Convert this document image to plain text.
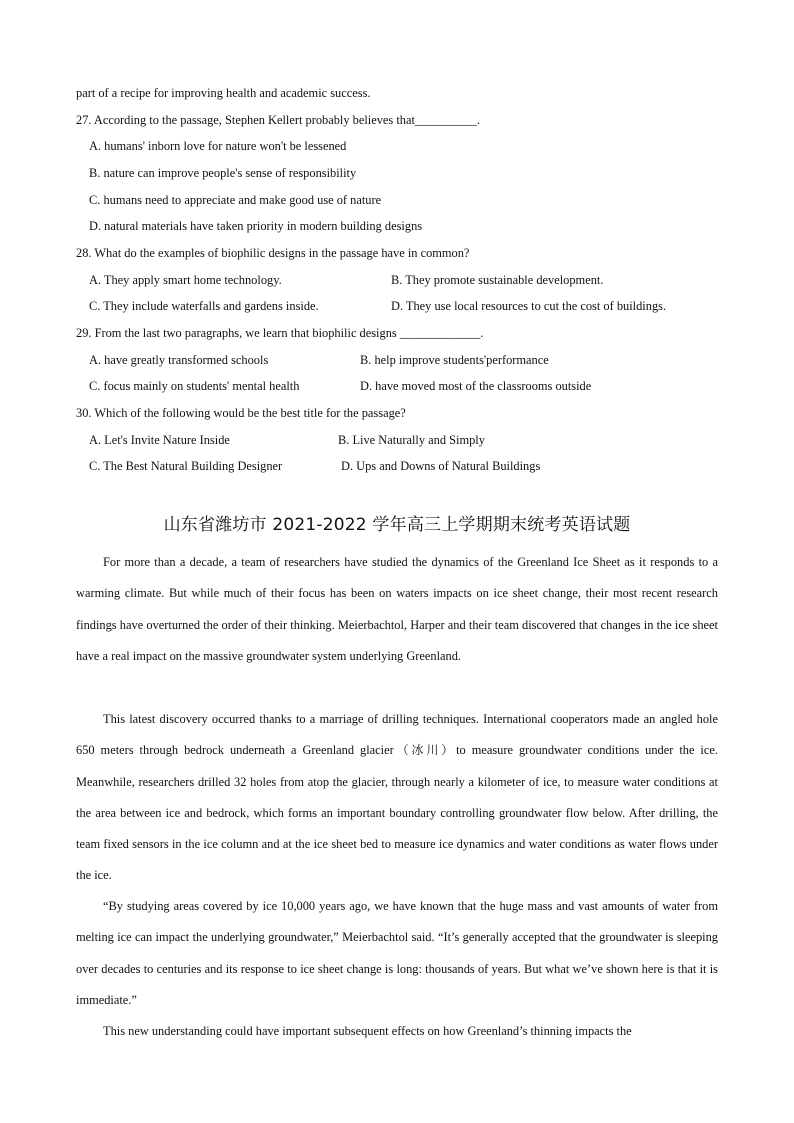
part of a recipe for improving health and academic success.
27. According to the passage, Stephen Kellert probably believes that__________.
A. humans' inborn love for nature won't be lessened
B. nature can improve people's sense of responsibility
C. humans need to appreciate and make good use of nature
D. natural materials have taken priority in modern building designs
28. What do the examples of biophilic designs in the passage have in common?
A. They apply smart home technology.	B. They promote sustainable development.
C. They include waterfalls and gardens inside.	D. They use local resources to cut the cost of buildings.
29. From the last two paragraphs, we learn that biophilic designs _____________.
A. have greatly transformed schools	B. help improve students'performance
C. focus mainly on students' mental health	D. have moved most of the classrooms outside
30. Which of the following would be the best title for the passage?
A. Let's Invite Nature Inside	B. Live Naturally and Simply
C. The Best Natural Building Designer	D. Ups and Downs of Natural Buildings
山东省潍坊市 2021-2022 学年高三上学期期末统考英语试题

For more than a decade, a team of researchers have studied the dynamics of the Greenland Ice Sheet as it responds to a warming climate. But while much of their focus has been on waters impacts on ice sheet change, their most recent research findings have overturned the order of their thinking. Meierbachtol, Harper and their team discovered that changes in the ice sheet have a real impact on the massive groundwater system underlying Greenland.

This latest discovery occurred thanks to a marriage of drilling techniques. International cooperators made an angled hole 650 meters through bedrock underneath a Greenland glacier（冰川）to measure groundwater conditions under the ice. Meanwhile, researchers drilled 32 holes from atop the glacier, through nearly a kilometer of ice, to measure water conditions at the area between ice and bedrock, which forms an important boundary controlling groundwater flow below. After drilling, the team fixed sensors in the ice column and at the ice sheet bed to measure ice dynamics and water conditions as water flows under the ice.

“By studying areas covered by ice 10,000 years ago, we have known that the huge mass and vast amounts of water from melting ice can impact the underlying groundwater,” Meierbachtol said. “It’s generally accepted that the groundwater is sleeping over decades to centuries and its response to ice sheet change is long: thousands of years. But what we’ve shown here is that it is immediate.”

This new understanding could have important subsequent effects on how Greenland’s thinning impacts the
